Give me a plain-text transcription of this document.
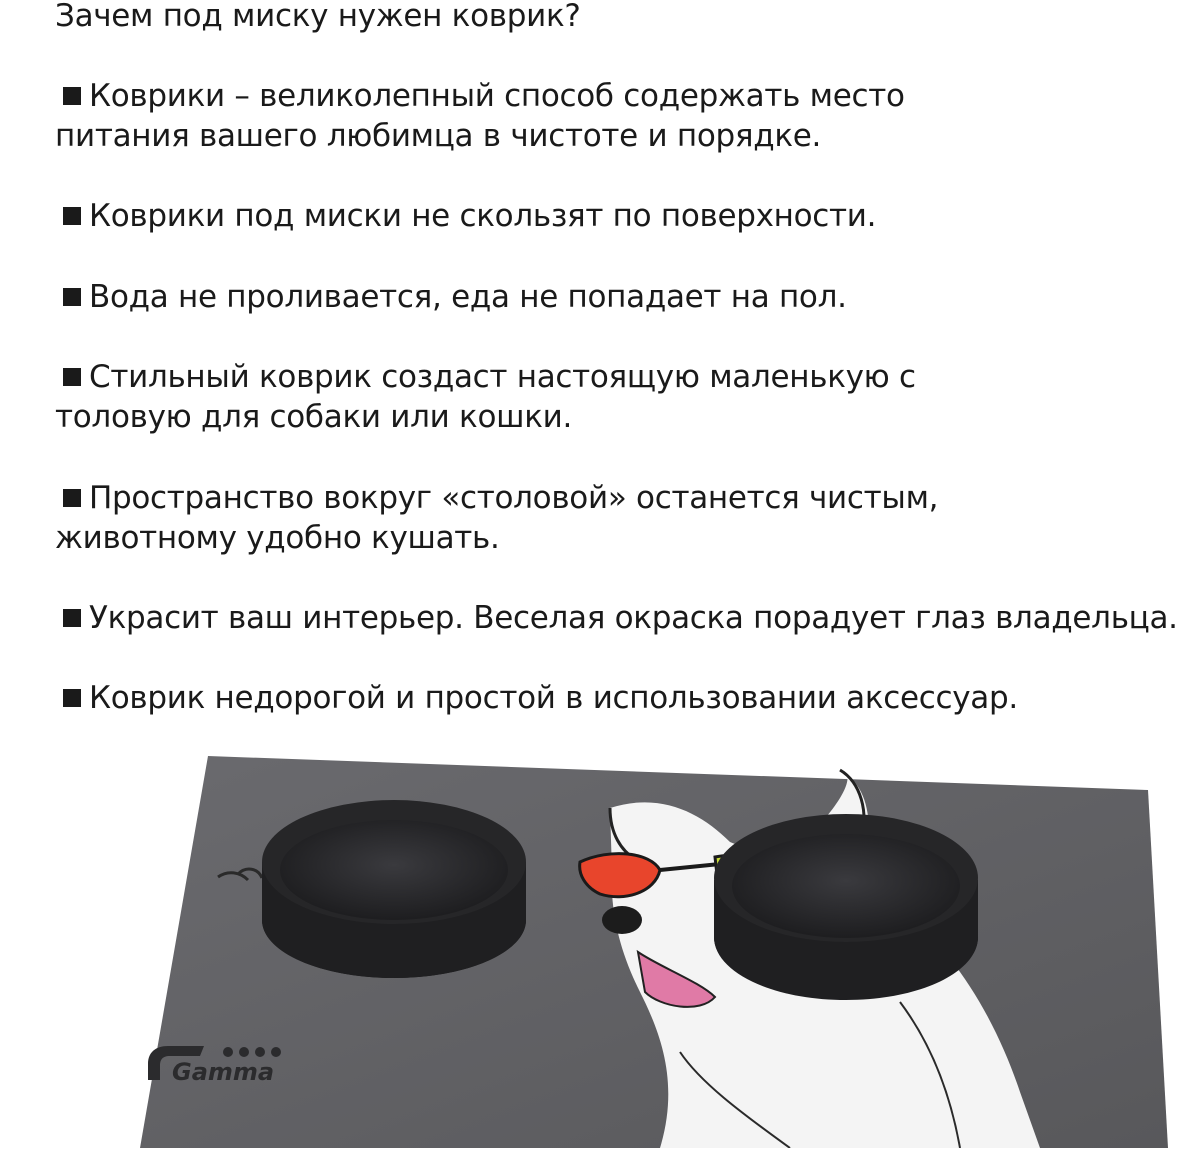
Зачем под миску нужен коврик?
Коврики – великолепный способ содержать место
питания вашего любимца в чистоте и порядке.
Коврики под миски не скользят по поверхности.
Вода не проливается, еда не попадает на пол.
Стильный коврик создаст настоящую маленькую с
толовую для собаки или кошки.
Пространство вокруг «столовой» останется чистым,
животному удобно кушать.
Украсит ваш интерьер. Веселая окраска порадует глаз владельца.
Коврик недорогой и простой в использовании аксессуар.
Gamma
